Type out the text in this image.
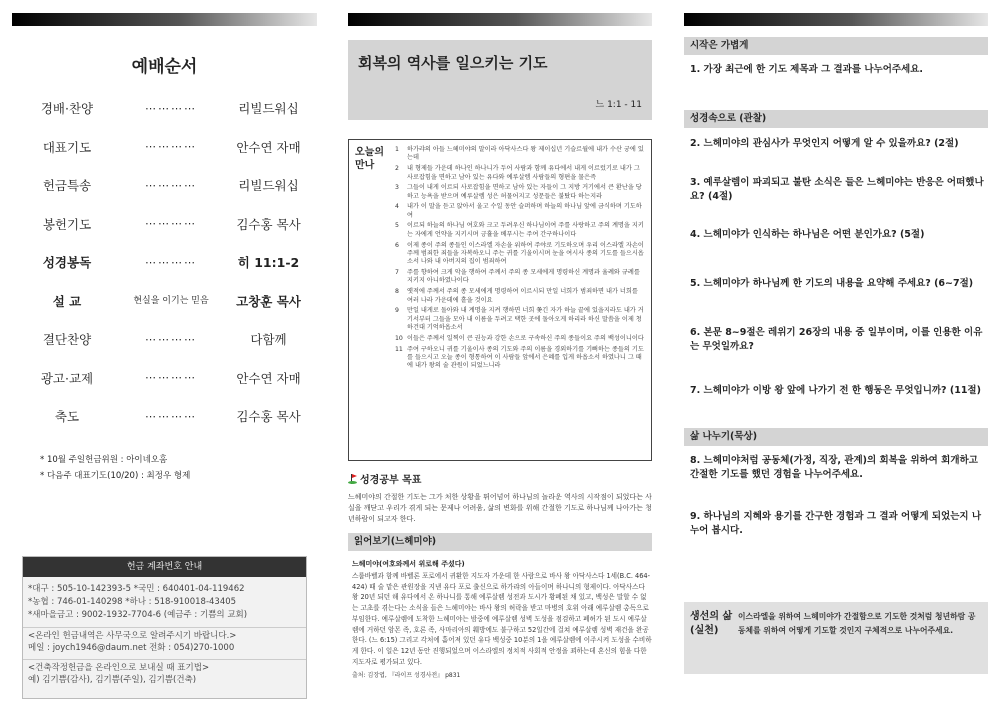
예배순서
경배·찬양	⋯⋯⋯⋯	리빌드워십
대표기도	⋯⋯⋯⋯	안수연 자매
헌금특송	⋯⋯⋯⋯	리빌드워십
봉헌기도	⋯⋯⋯⋯	김수홍 목사
성경봉독	⋯⋯⋯⋯	히 11:1-2
설 교	현실을 이기는 믿음	고창훈 목사
결단찬양	⋯⋯⋯⋯	다함께
광고·교제	⋯⋯⋯⋯	안수연 자매
축도	⋯⋯⋯⋯	김수홍 목사
* 10월 주일헌금위원 : 아이네오홈
* 다음주 대표기도(10/20) : 최정우 형제
헌금 계좌번호 안내
*대구 : 505-10-142393-5 *국민 : 640401-04-119462
*농협 : 746-01-140298 *하나 : 518-910018-43405
*새마을금고 : 9002-1932-7704-6 (예금주 : 기쁨의 교회)
<온라인 헌금내역은 사무국으로 알려주시기 바랍니다.>
메일 : joych1946@daum.net 전화 : 054)270-1000
<건축작정헌금을 온라인으로 보내실 때 표기법>
예) 김기쁨(감사), 김기쁨(주일), 김기쁨(건축)
회복의 역사를 일으키는 기도
느 1:1 - 11
오늘의 만나
1	하가랴의 아들 느헤미야의 말이라 아닥사스다 왕 제이십년 기슬르월에 내가 수산 궁에 있는데
2	내 형제들 가운데 하나인 하나니가 두어 사람과 함께 유다에서 내게 이르렀기로 내가 그 사로잡힘을 면하고 남아 있는 유다와 예루살렘 사람들의 형편을 물은즉
3	그들이 내게 이르되 사로잡힘을 면하고 남아 있는 자들이 그 지방 거기에서 큰 환난을 당하고 능욕을 받으며 예루살렘 성은 허물어지고 성문들은 불탔다 하는지라
4	내가 이 말을 듣고 앉아서 울고 수일 동안 슬퍼하며 하늘의 하나님 앞에 금식하며 기도하여
5	이르되 하늘의 하나님 여호와 크고 두려우신 하나님이여 주를 사랑하고 주의 계명을 지키는 자에게 언약을 지키시며 긍휼을 베푸시는 주여 간구하나이다
6	이제 종이 주의 종들인 이스라엘 자손을 위하여 주야로 기도하오며 우리 이스라엘 자손이 주께 범죄한 죄들을 자복하오니 주는 귀를 기울이시며 눈을 여시사 종의 기도를 들으시옵소서 나와 내 아버지의 집이 범죄하여
7	주를 향하여 크게 악을 행하여 주께서 주의 종 모세에게 명령하신 계명과 율례와 규례를 지키지 아니하였나이다
8	옛적에 주께서 주의 종 모세에게 명령하여 이르시되 만일 너희가 범죄하면 내가 너희를 여러 나라 가운데에 흩을 것이요
9	만일 내게로 돌아와 내 계명을 지켜 행하면 너희 쫓긴 자가 하늘 끝에 있을지라도 내가 거기서부터 그들을 모아 내 이름을 두려고 택한 곳에 돌아오게 하리라 하신 말씀을 이제 청하건대 기억하옵소서
10 이들은 주께서 일찍이 큰 권능과 강한 손으로 구속하신 주의 종들이요 주의 백성이니이다
11 주여 구하오니 귀를 기울이사 종의 기도와 주의 이름을 경외하기를 기뻐하는 종들의 기도를 들으시고 오늘 종이 형통하여 이 사람들 앞에서 은혜를 입게 하옵소서 하였나니 그 때에 내가 왕의 술 관원이 되었느니라
성경공부 목표
느헤미야의 간절한 기도는 그가 처한 상황을 뛰어넘어 하나님의 놀라운 역사의 시작점이 되었다는 사실을 깨닫고 우리가 겪게 되는 문제나 어려움, 삶의 변화를 위해 간절한 기도로 하나님께 나아가는 청년하람이 되고자 한다.
읽어보기(느헤미야)
느헤미야(여호와께서 위로해 주셨다)
스룹바벨과 함께 바벨론 포로에서 귀환한 지도자 가운데 한 사람으로 바사 왕 아닥사스다 1세(B.C. 464-424) 때 술 맡은 관원장을 지낸 유다 포로 출신으로 하가랴의 아들이며 하나니의 형제이다. 아닥사스다 왕 20년 되던 해 유다에서 온 하나니를 통해 예루살렘 성전과 도시가 황폐된 채 있고, 백성은 말할 수 없는 고초를 겪는다는 소식을 들은 느헤미야는 바사 왕의 허락을 받고 마병의 호위 아래 예루살렘 총독으로 부임한다. 예루살렘에 도착한 느헤미야는 밤중에 예루살렘 성벽 도성을 점검하고 폐허가 된 도시 예루살렘에 거하던 암몬 족, 호론 족, 사마리아의 훼방에도 불구하고 52일간에 걸쳐 예루살렘 성벽 재건을 완공한다. (느 6:15) 그리고 각처에 흩어져 있던 유다 백성중 10분의 1을 예루살렘에 이주시켜 도성을 수비하게 한다. 이 일은 12년 동안 진행되었으며 이스라엘의 정치적 사회적 안정을 꾀하는데 혼신의 힘을 다한 지도자로 평가되고 있다.
출처: 김장엽, 『라이프 성경사전』 p831
시작은 가볍게
1. 가장 최근에 한 기도 제목과 그 결과를 나누어주세요.
성경속으로 (관찰)
2. 느헤미야의 관심사가 무엇인지 어떻게 알 수 있을까요? (2절)
3. 예루살렘이 파괴되고 불탄 소식은 들은 느헤미야는 반응은 어떠했나요? (4절)
4. 느헤미야가 인식하는 하나님은 어떤 분인가요? (5절)
5. 느헤미야가 하나님께 한 기도의 내용을 요약해 주세요? (6~7절)
6. 본문 8~9절은 레위기 26장의 내용 중 일부이며, 이를 인용한 이유는 무엇일까요?
7. 느헤미야가 이방 왕 앞에 나가기 전 한 행동은 무엇입니까? (11절)
삶 나누기(묵상)
8. 느헤미야처럼 공동체(가정, 직장, 관계)의 회복을 위하여 회개하고 간절한 기도를 했던 경험을 나누어주세요.
9. 하나님의 지혜와 용기를 간구한 경험과 그 결과 어떻게 되었는지 나누어 봅시다.
생선의 삶 (실천)
이스라엘을 위하여 느헤미야가 간절함으로 기도한 것처럼 청년하람 공동체를 위하여 어떻게 기도할 것인지 구체적으로 나누어주세요.
